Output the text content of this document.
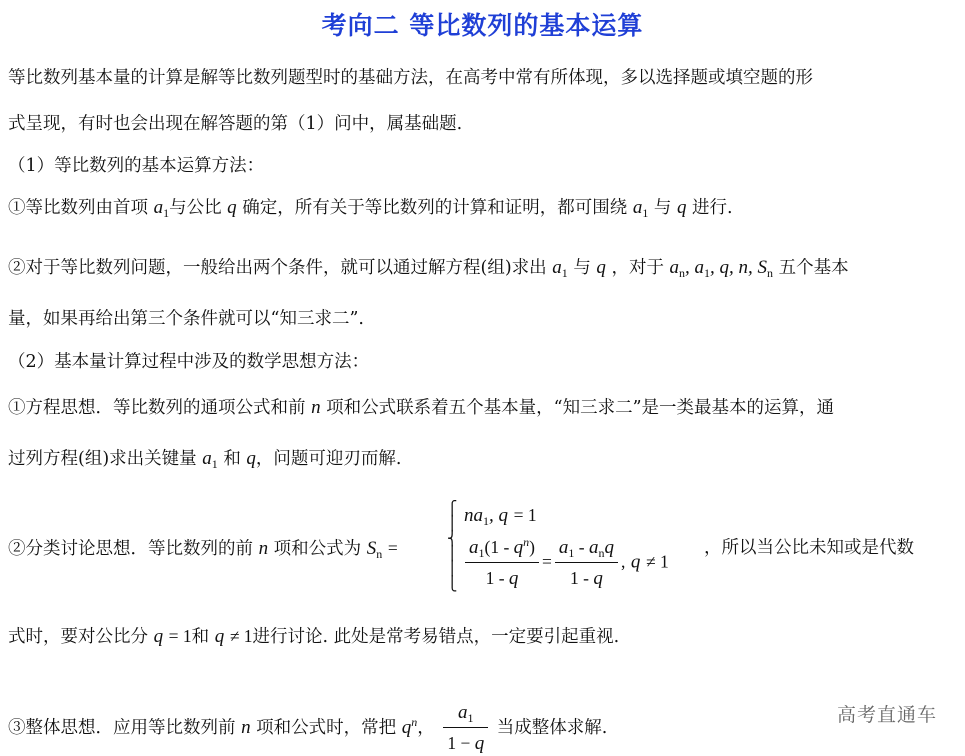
考向二 等比数列的基本运算
等比数列基本量的计算是解等比数列题型时的基础方法，在高考中常有所体现，多以选择题或填空题的形
式呈现，有时也会出现在解答题的第（1）问中，属基础题.
（1）等比数列的基本运算方法：
①等比数列由首项 $a_1$与公比 q 确定，所有关于等比数列的计算和证明，都可围绕 $a_1$ 与 q 进行.
②对于等比数列问题，一般给出两个条件，就可以通过解方程(组)求出 $a_1$ 与 q ，对于 $a_n$, $a_1$, q, n, $S_n$ 五个基本
量，如果再给出第三个条件就可以“知三求二”.
（2）基本量计算过程中涉及的数学思想方法：
①方程思想．等比数列的通项公式和前 n 项和公式联系着五个基本量，“知三求二”是一类最基本的运算，通
过列方程(组)求出关键量 $a_1$ 和 q，问题可迎刃而解.
②分类讨论思想．等比数列的前 n 项和公式为 $S_n$ =
⎧
⎪
⎨
⎪
⎪
⎩
$na_1$, q = 1
$\frac{a_1(1 - q^n)}{1 - q} = \frac{a_1 - a_nq}{1 - q}$ , q ≠ 1
，所以当公比未知或是代数
式时，要对公比分 q = 1和 q ≠ 1进行讨论. 此处是常考易错点，一定要引起重视.
③整体思想．应用等比数列前 n 项和公式时，常把 $q^n$， $\frac{a_1}{1 - q}$ 当成整体求解.
高考直通车
